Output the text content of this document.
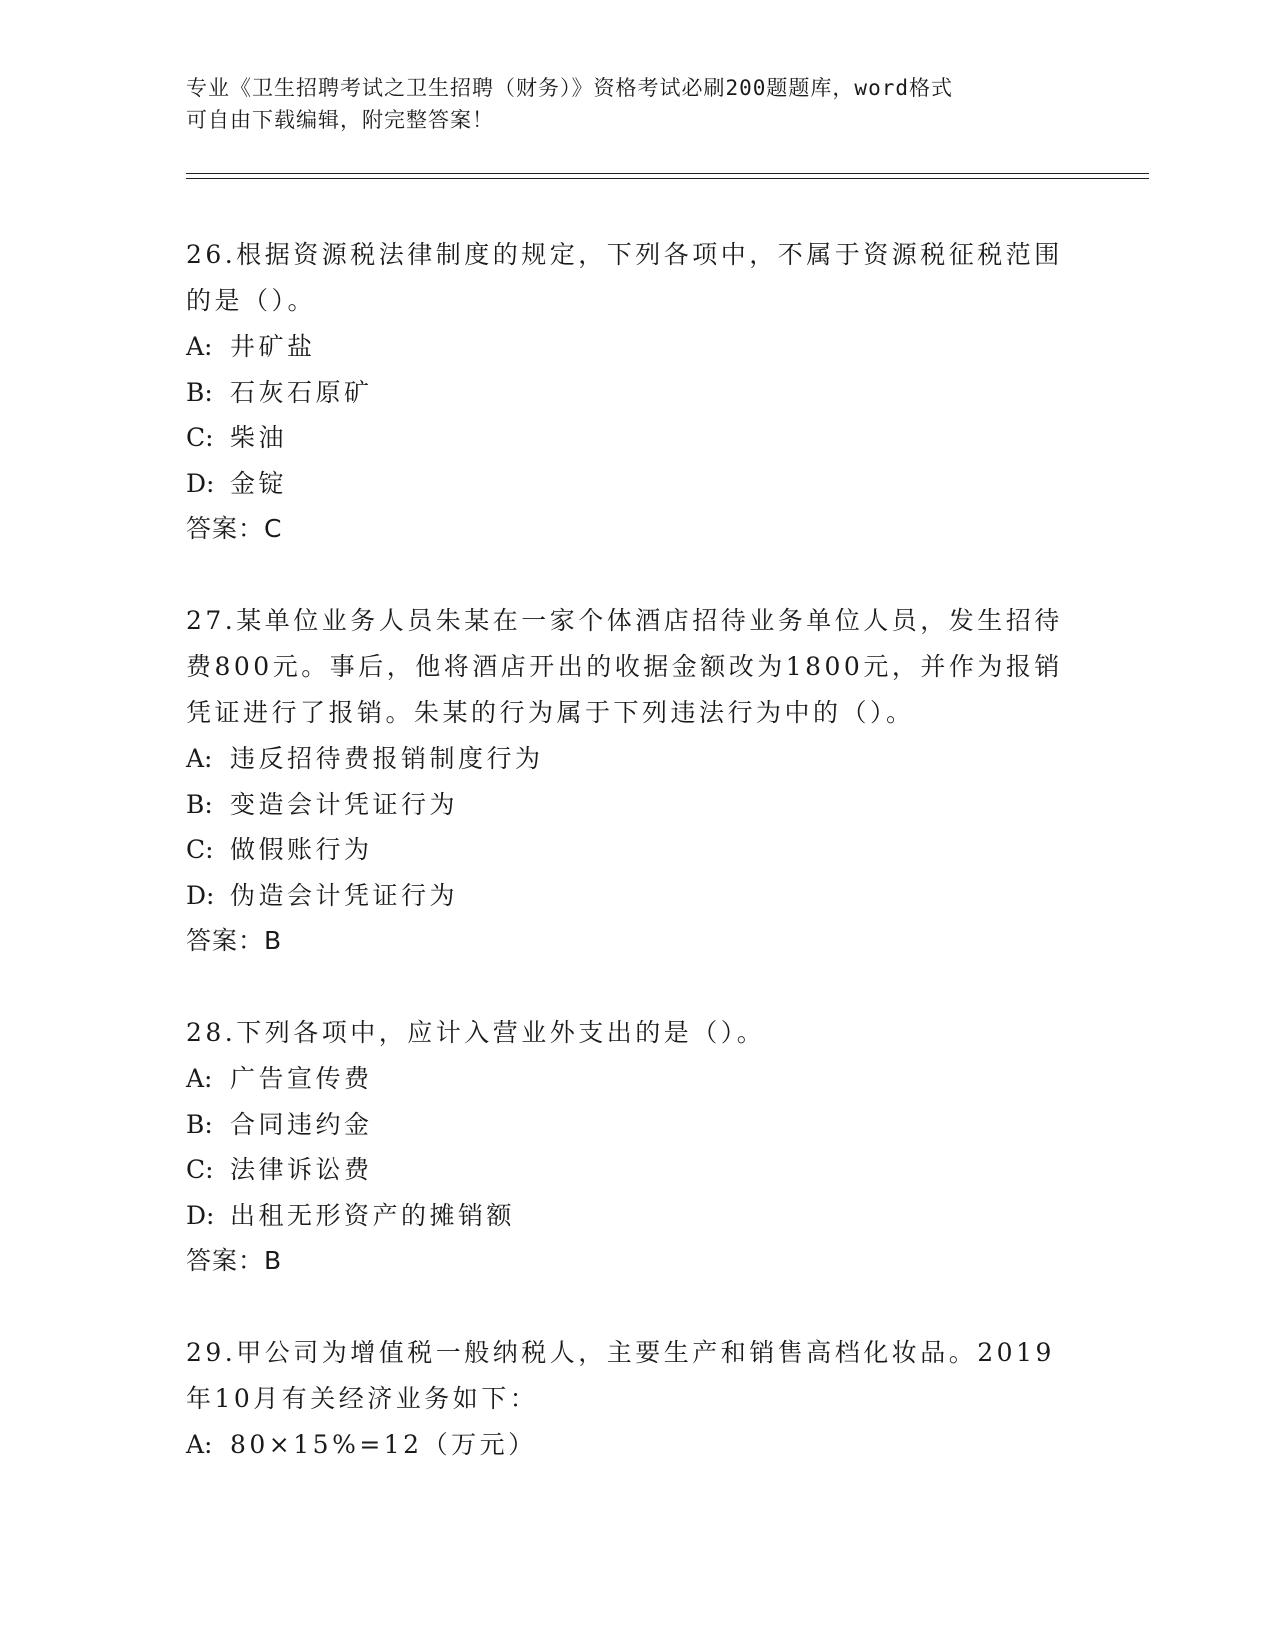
专业《卫生招聘考试之卫生招聘（财务）》资格考试必刷200题题库，word格式
可自由下载编辑，附完整答案！
26.根据资源税法律制度的规定，下列各项中，不属于资源税征税范围
的是（）。
A: 井矿盐
B: 石灰石原矿
C: 柴油
D: 金锭
答案：C
27.某单位业务人员朱某在一家个体酒店招待业务单位人员，发生招待
费800元。事后，他将酒店开出的收据金额改为1800元，并作为报销
凭证进行了报销。朱某的行为属于下列违法行为中的（）。
A: 违反招待费报销制度行为
B: 变造会计凭证行为
C: 做假账行为
D: 伪造会计凭证行为
答案：B
28.下列各项中，应计入营业外支出的是（）。
A: 广告宣传费
B: 合同违约金
C: 法律诉讼费
D: 出租无形资产的摊销额
答案：B
29.甲公司为增值税一般纳税人，主要生产和销售高档化妆品。2019
年10月有关经济业务如下：
A: 80×15%=12（万元）
